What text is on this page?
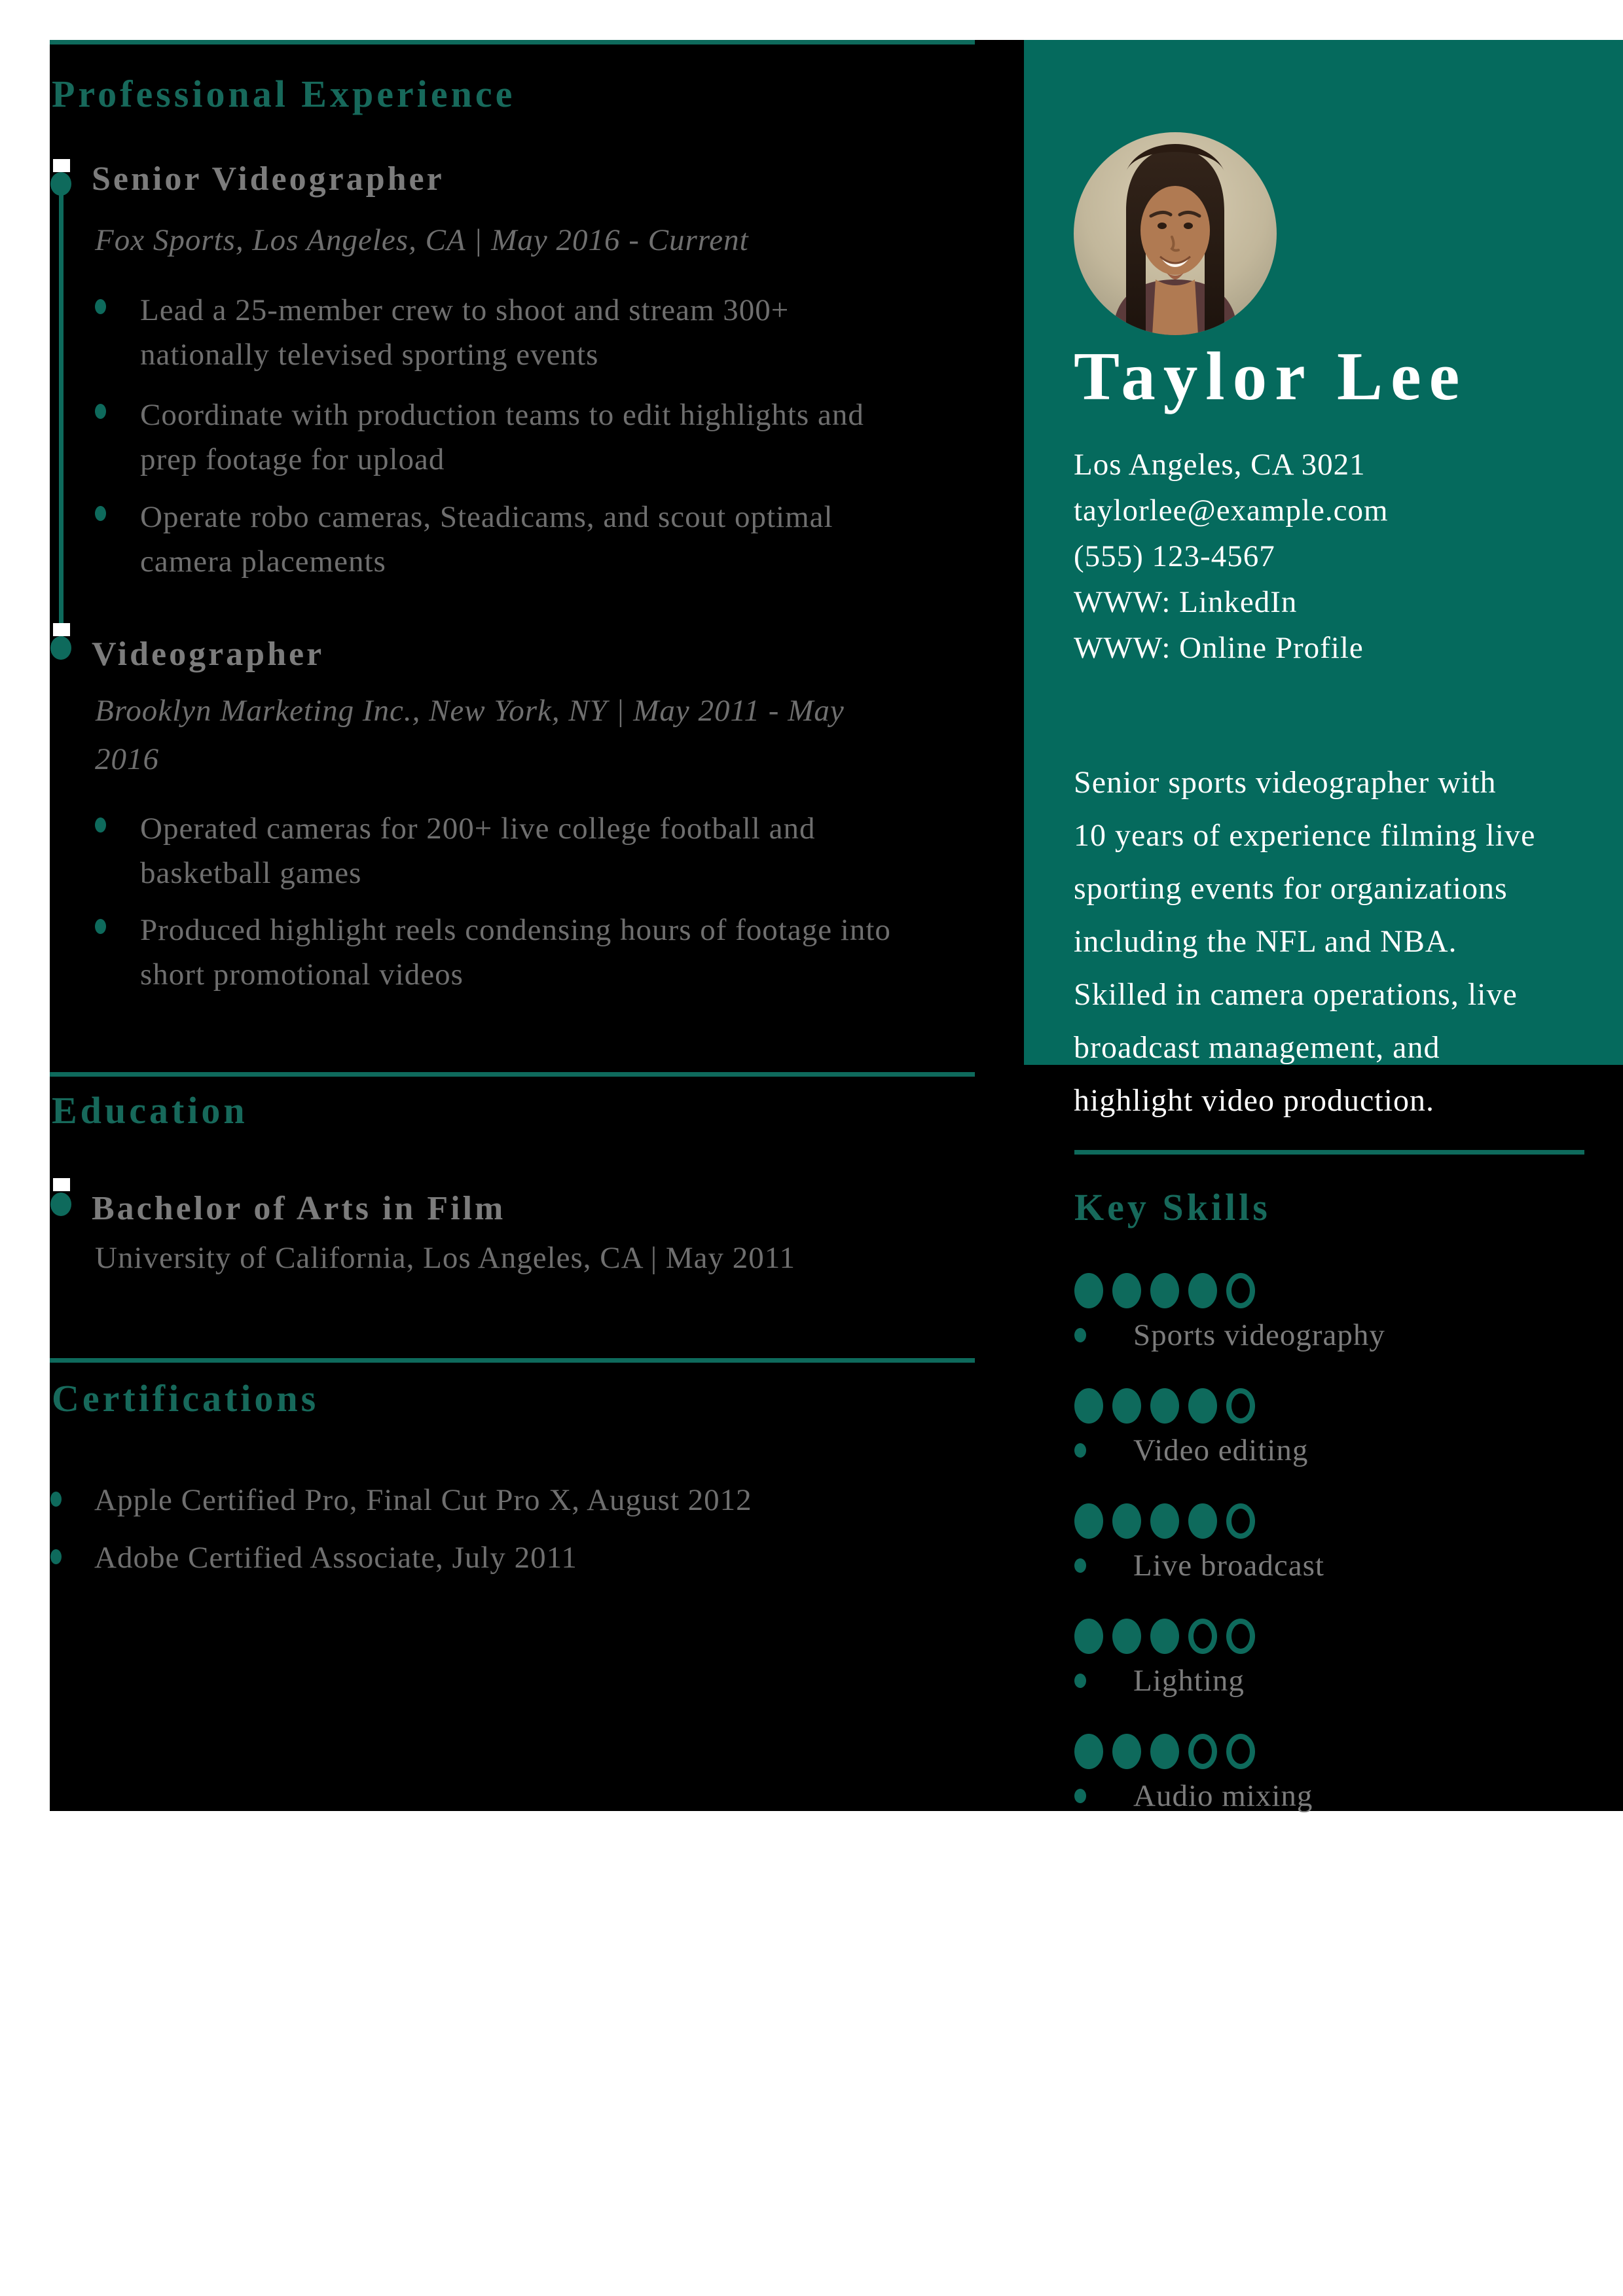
Professional Experience
Senior Videographer
Fox Sports, Los Angeles, CA | May 2016 - Current
Lead a 25-member crew to shoot and stream 300+
nationally televised sporting events
Coordinate with production teams to edit highlights and
prep footage for upload
Operate robo cameras, Steadicams, and scout optimal
camera placements
Videographer
Brooklyn Marketing Inc., New York, NY | May 2011 - May
2016
Operated cameras for 200+ live college football and
basketball games
Produced highlight reels condensing hours of footage into
short promotional videos
Education
Bachelor of Arts in Film
University of California, Los Angeles, CA | May 2011
Certifications
Apple Certified Pro, Final Cut Pro X, August 2012
Adobe Certified Associate, July 2011
Taylor Lee
Los Angeles, CA 3021
taylorlee@example.com
(555) 123-4567
WWW: LinkedIn
WWW: Online Profile
Senior sports videographer with
10 years of experience filming live
sporting events for organizations
including the NFL and NBA.
Skilled in camera operations, live
broadcast management, and
highlight video production.
Key Skills
Sports videography
Video editing
Live broadcast
Lighting
Audio mixing
